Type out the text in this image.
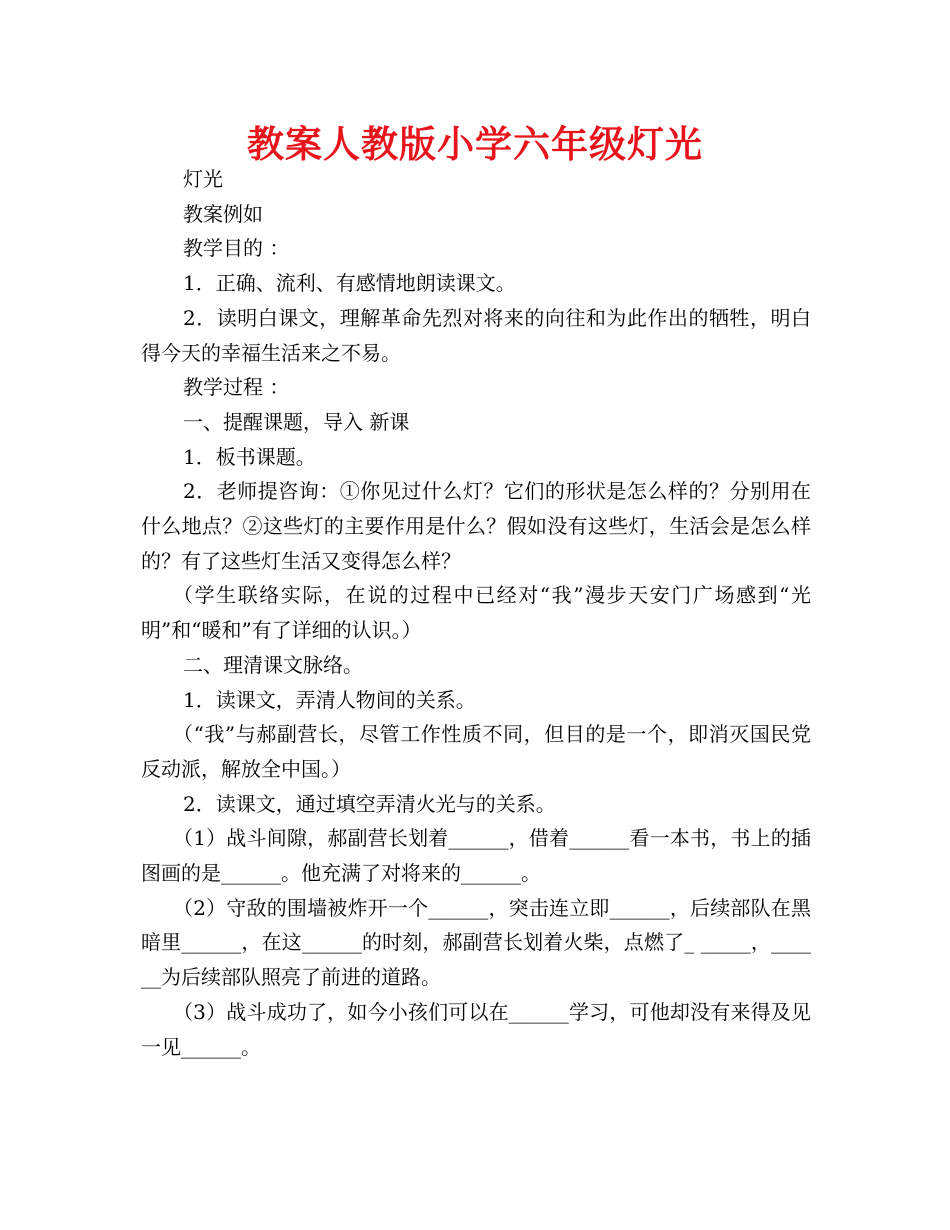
教案人教版小学六年级灯光

灯光

教案例如

教学目的 ：

1．正确、流利、有感情地朗读课文。

2．读明白课文，理解革命先烈对将来的向往和为此作出的牺牲，明白得今天的幸福生活来之不易。

教学过程 ：

一、提醒课题，导入 新课

1．板书课题。

2．老师提咨询：①你见过什么灯？它们的形状是怎么样的？分别用在什么地点？②这些灯的主要作用是什么？假如没有这些灯，生活会是怎么样的？有了这些灯生活又变得怎么样？

（学生联络实际，在说的过程中已经对“我”漫步天安门广场感到“光明”和“暖和”有了详细的认识。）

二、理清课文脉络。

1．读课文，弄清人物间的关系。

（“我”与郝副营长，尽管工作性质不同，但目的是一个，即消灭国民党反动派，解放全中国。）

2．读课文，通过填空弄清火光与的关系。

（1）战斗间隙，郝副营长划着______，借着______看一本书，书上的插图画的是______。他充满了对将来的______。

（2）守敌的围墙被炸开一个______，突击连立即______，后续部队在黑暗里______，在这______的时刻，郝副营长划着火柴，点燃了_ _____，______为后续部队照亮了前进的道路。

（3）战斗成功了，如今小孩们可以在______学习，可他却没有来得及见一见______。
